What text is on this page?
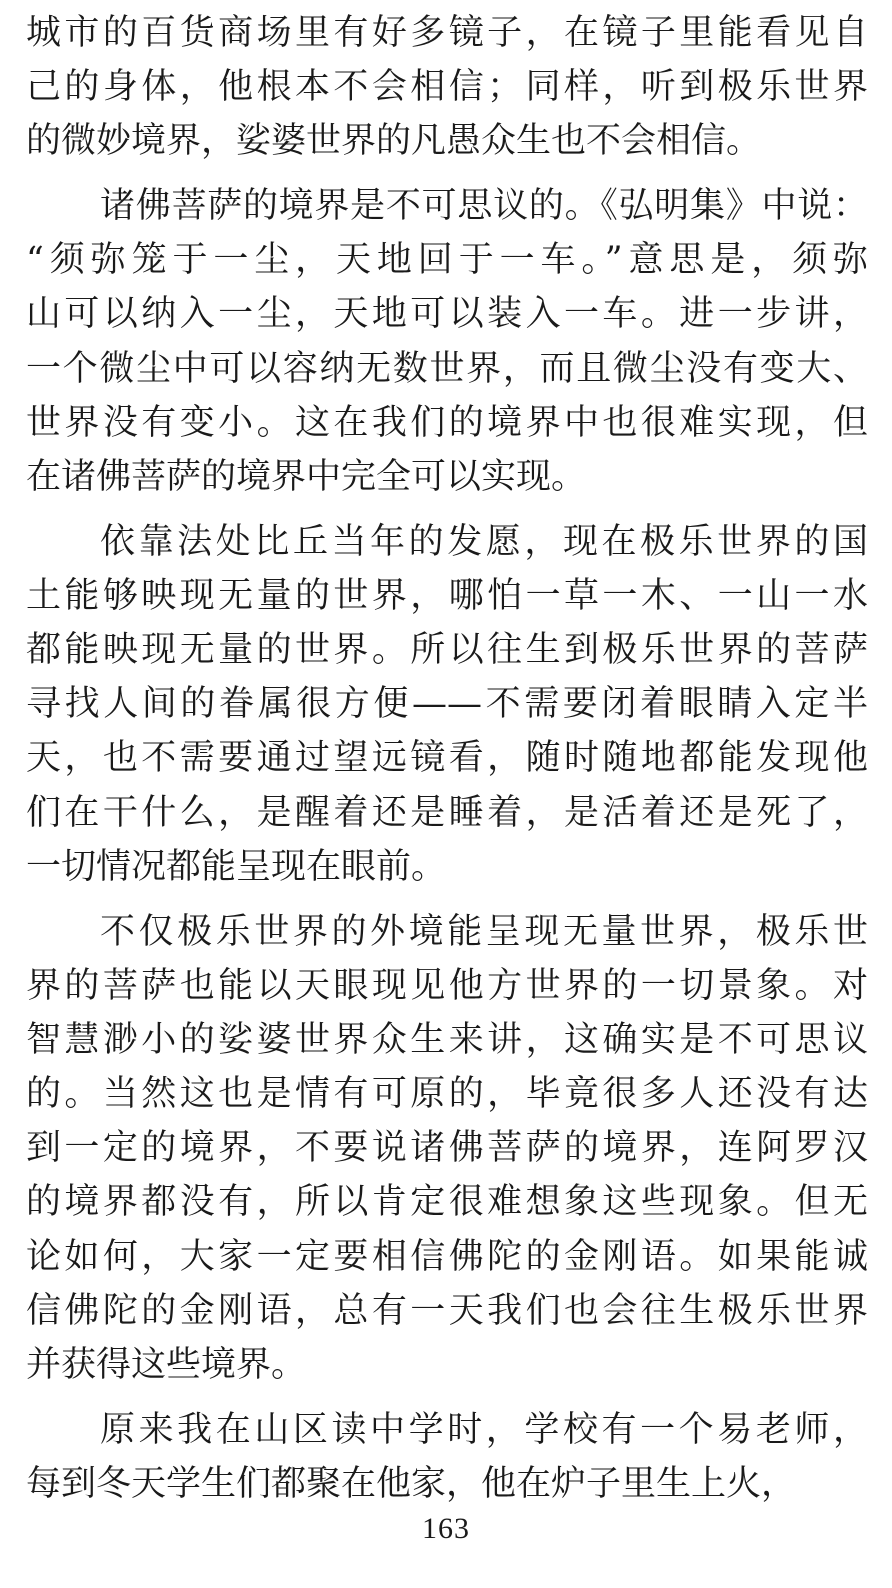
城市的百货商场里有好多镜子，在镜子里能看见自
己的身体，他根本不会相信；同样，听到极乐世界
的微妙境界，娑婆世界的凡愚众生也不会相信。
诸佛菩萨的境界是不可思议的。《弘明集》中说：
“须弥笼于一尘，天地回于一车。”意思是，须弥
山可以纳入一尘，天地可以装入一车。进一步讲，
一个微尘中可以容纳无数世界，而且微尘没有变大、
世界没有变小。这在我们的境界中也很难实现，但
在诸佛菩萨的境界中完全可以实现。
依靠法处比丘当年的发愿，现在极乐世界的国
土能够映现无量的世界，哪怕一草一木、一山一水
都能映现无量的世界。所以往生到极乐世界的菩萨
寻找人间的眷属很方便——不需要闭着眼睛入定半
天，也不需要通过望远镜看，随时随地都能发现他
们在干什么，是醒着还是睡着，是活着还是死了，
一切情况都能呈现在眼前。
不仅极乐世界的外境能呈现无量世界，极乐世
界的菩萨也能以天眼现见他方世界的一切景象。对
智慧渺小的娑婆世界众生来讲，这确实是不可思议
的。当然这也是情有可原的，毕竟很多人还没有达
到一定的境界，不要说诸佛菩萨的境界，连阿罗汉
的境界都没有，所以肯定很难想象这些现象。但无
论如何，大家一定要相信佛陀的金刚语。如果能诚
信佛陀的金刚语，总有一天我们也会往生极乐世界
并获得这些境界。
原来我在山区读中学时，学校有一个易老师，
每到冬天学生们都聚在他家，他在炉子里生上火，
163
